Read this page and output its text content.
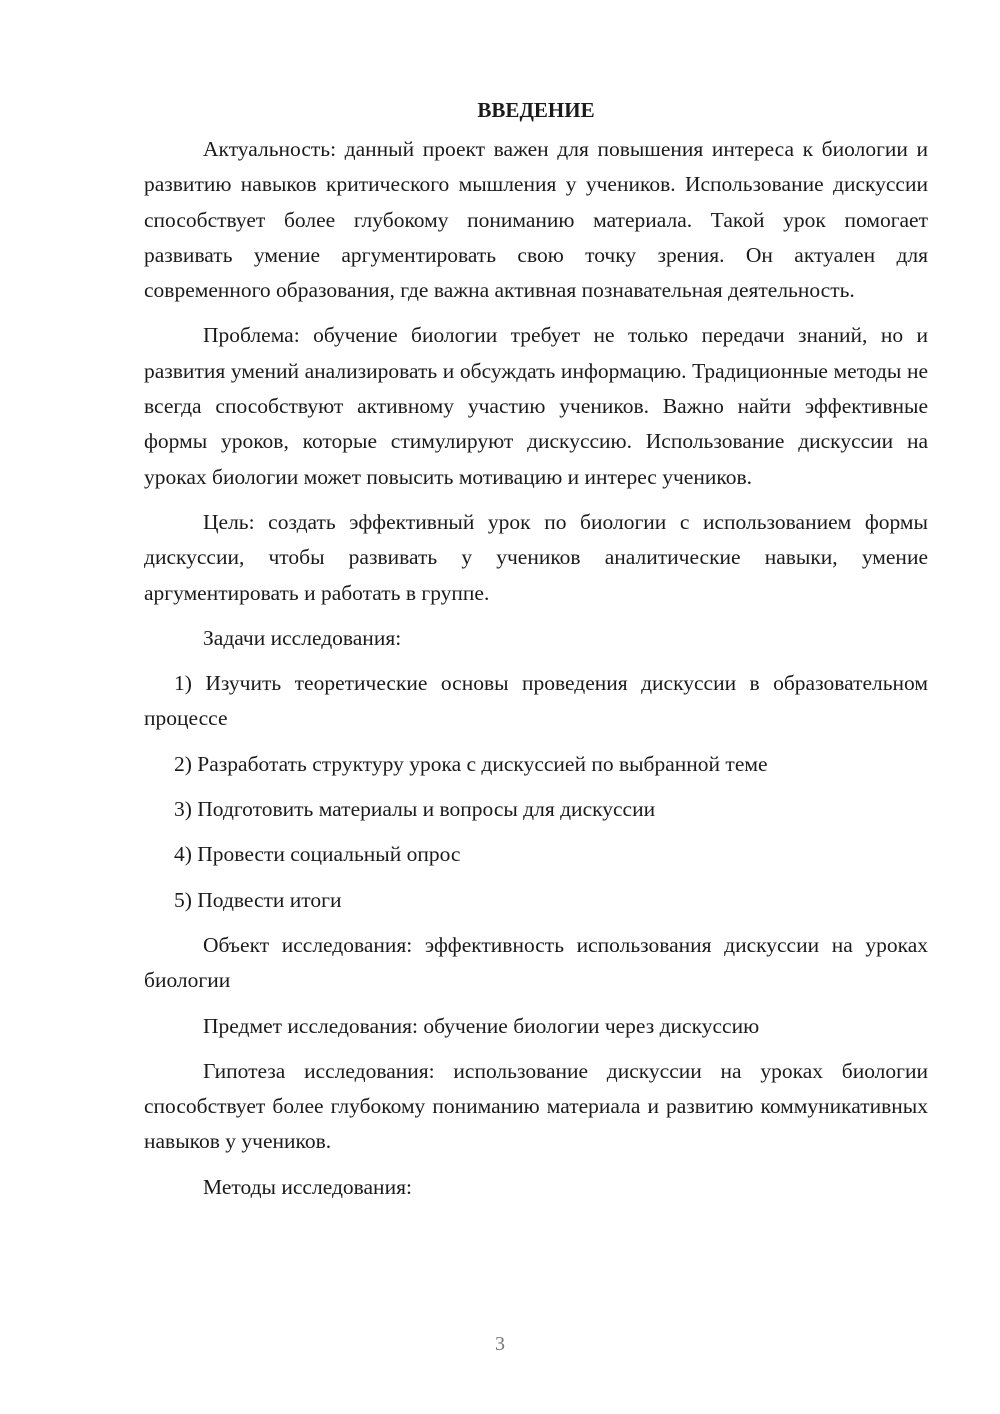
ВВЕДЕНИЕ

Актуальность: данный проект важен для повышения интереса к биологии и развитию навыков критического мышления у учеников. Использование дискуссии способствует более глубокому пониманию материала. Такой урок помогает развивать умение аргументировать свою точку зрения. Он актуален для современного образования, где важна активная познавательная деятельность.

Проблема: обучение биологии требует не только передачи знаний, но и развития умений анализировать и обсуждать информацию. Традиционные методы не всегда способствуют активному участию учеников. Важно найти эффективные формы уроков, которые стимулируют дискуссию. Использование дискуссии на уроках биологии может повысить мотивацию и интерес учеников.

Цель: создать эффективный урок по биологии с использованием формы дискуссии, чтобы развивать у учеников аналитические навыки, умение аргументировать и работать в группе.

Задачи исследования:

1) Изучить теоретические основы проведения дискуссии в образовательном процессе

2) Разработать структуру урока с дискуссией по выбранной теме

3) Подготовить материалы и вопросы для дискуссии

4) Провести социальный опрос

5) Подвести итоги

Объект исследования: эффективность использования дискуссии на уроках биологии

Предмет исследования: обучение биологии через дискуссию

Гипотеза исследования: использование дискуссии на уроках биологии способствует более глубокому пониманию материала и развитию коммуникативных навыков у учеников.

Методы исследования:

3
